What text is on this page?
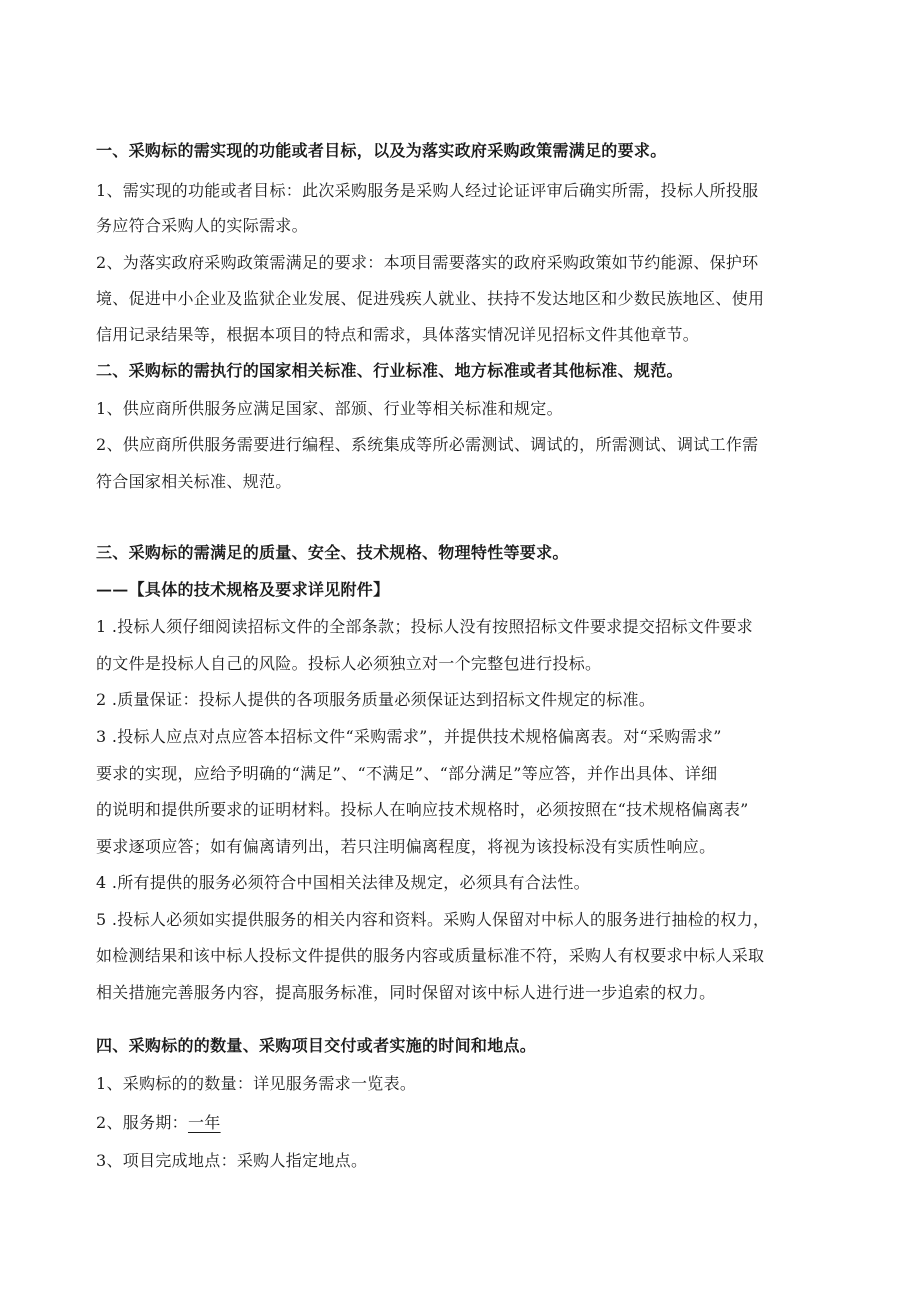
一、采购标的需实现的功能或者目标，以及为落实政府采购政策需满足的要求。

1、需实现的功能或者目标：此次采购服务是采购人经过论证评审后确实所需，投标人所投服

务应符合采购人的实际需求。

2、为落实政府采购政策需满足的要求：本项目需要落实的政府采购政策如节约能源、保护环

境、促进中小企业及监狱企业发展、促进残疾人就业、扶持不发达地区和少数民族地区、使用

信用记录结果等，根据本项目的特点和需求，具体落实情况详见招标文件其他章节。

二、采购标的需执行的国家相关标准、行业标准、地方标准或者其他标准、规范。

1、供应商所供服务应满足国家、部颁、行业等相关标准和规定。

2、供应商所供服务需要进行编程、系统集成等所必需测试、调试的，所需测试、调试工作需

符合国家相关标准、规范。

三、采购标的需满足的质量、安全、技术规格、物理特性等要求。

——【具体的技术规格及要求详见附件】

1 .投标人须仔细阅读招标文件的全部条款；投标人没有按照招标文件要求提交招标文件要求

的文件是投标人自己的风险。投标人必须独立对一个完整包进行投标。

2 .质量保证：投标人提供的各项服务质量必须保证达到招标文件规定的标准。

3 .投标人应点对点应答本招标文件“采购需求”，并提供技术规格偏离表。对“采购需求”

要求的实现，应给予明确的“满足”、“不满足”、“部分满足”等应答，并作出具体、详细

的说明和提供所要求的证明材料。投标人在响应技术规格时，必须按照在“技术规格偏离表”

要求逐项应答；如有偏离请列出，若只注明偏离程度，将视为该投标没有实质性响应。

4 .所有提供的服务必须符合中国相关法律及规定，必须具有合法性。

5 .投标人必须如实提供服务的相关内容和资料。采购人保留对中标人的服务进行抽检的权力，

如检测结果和该中标人投标文件提供的服务内容或质量标准不符，采购人有权要求中标人采取

相关措施完善服务内容，提高服务标准，同时保留对该中标人进行进一步追索的权力。

四、采购标的的数量、采购项目交付或者实施的时间和地点。

1、采购标的的数量：详见服务需求一览表。

2、服务期：一年

3、项目完成地点：采购人指定地点。
